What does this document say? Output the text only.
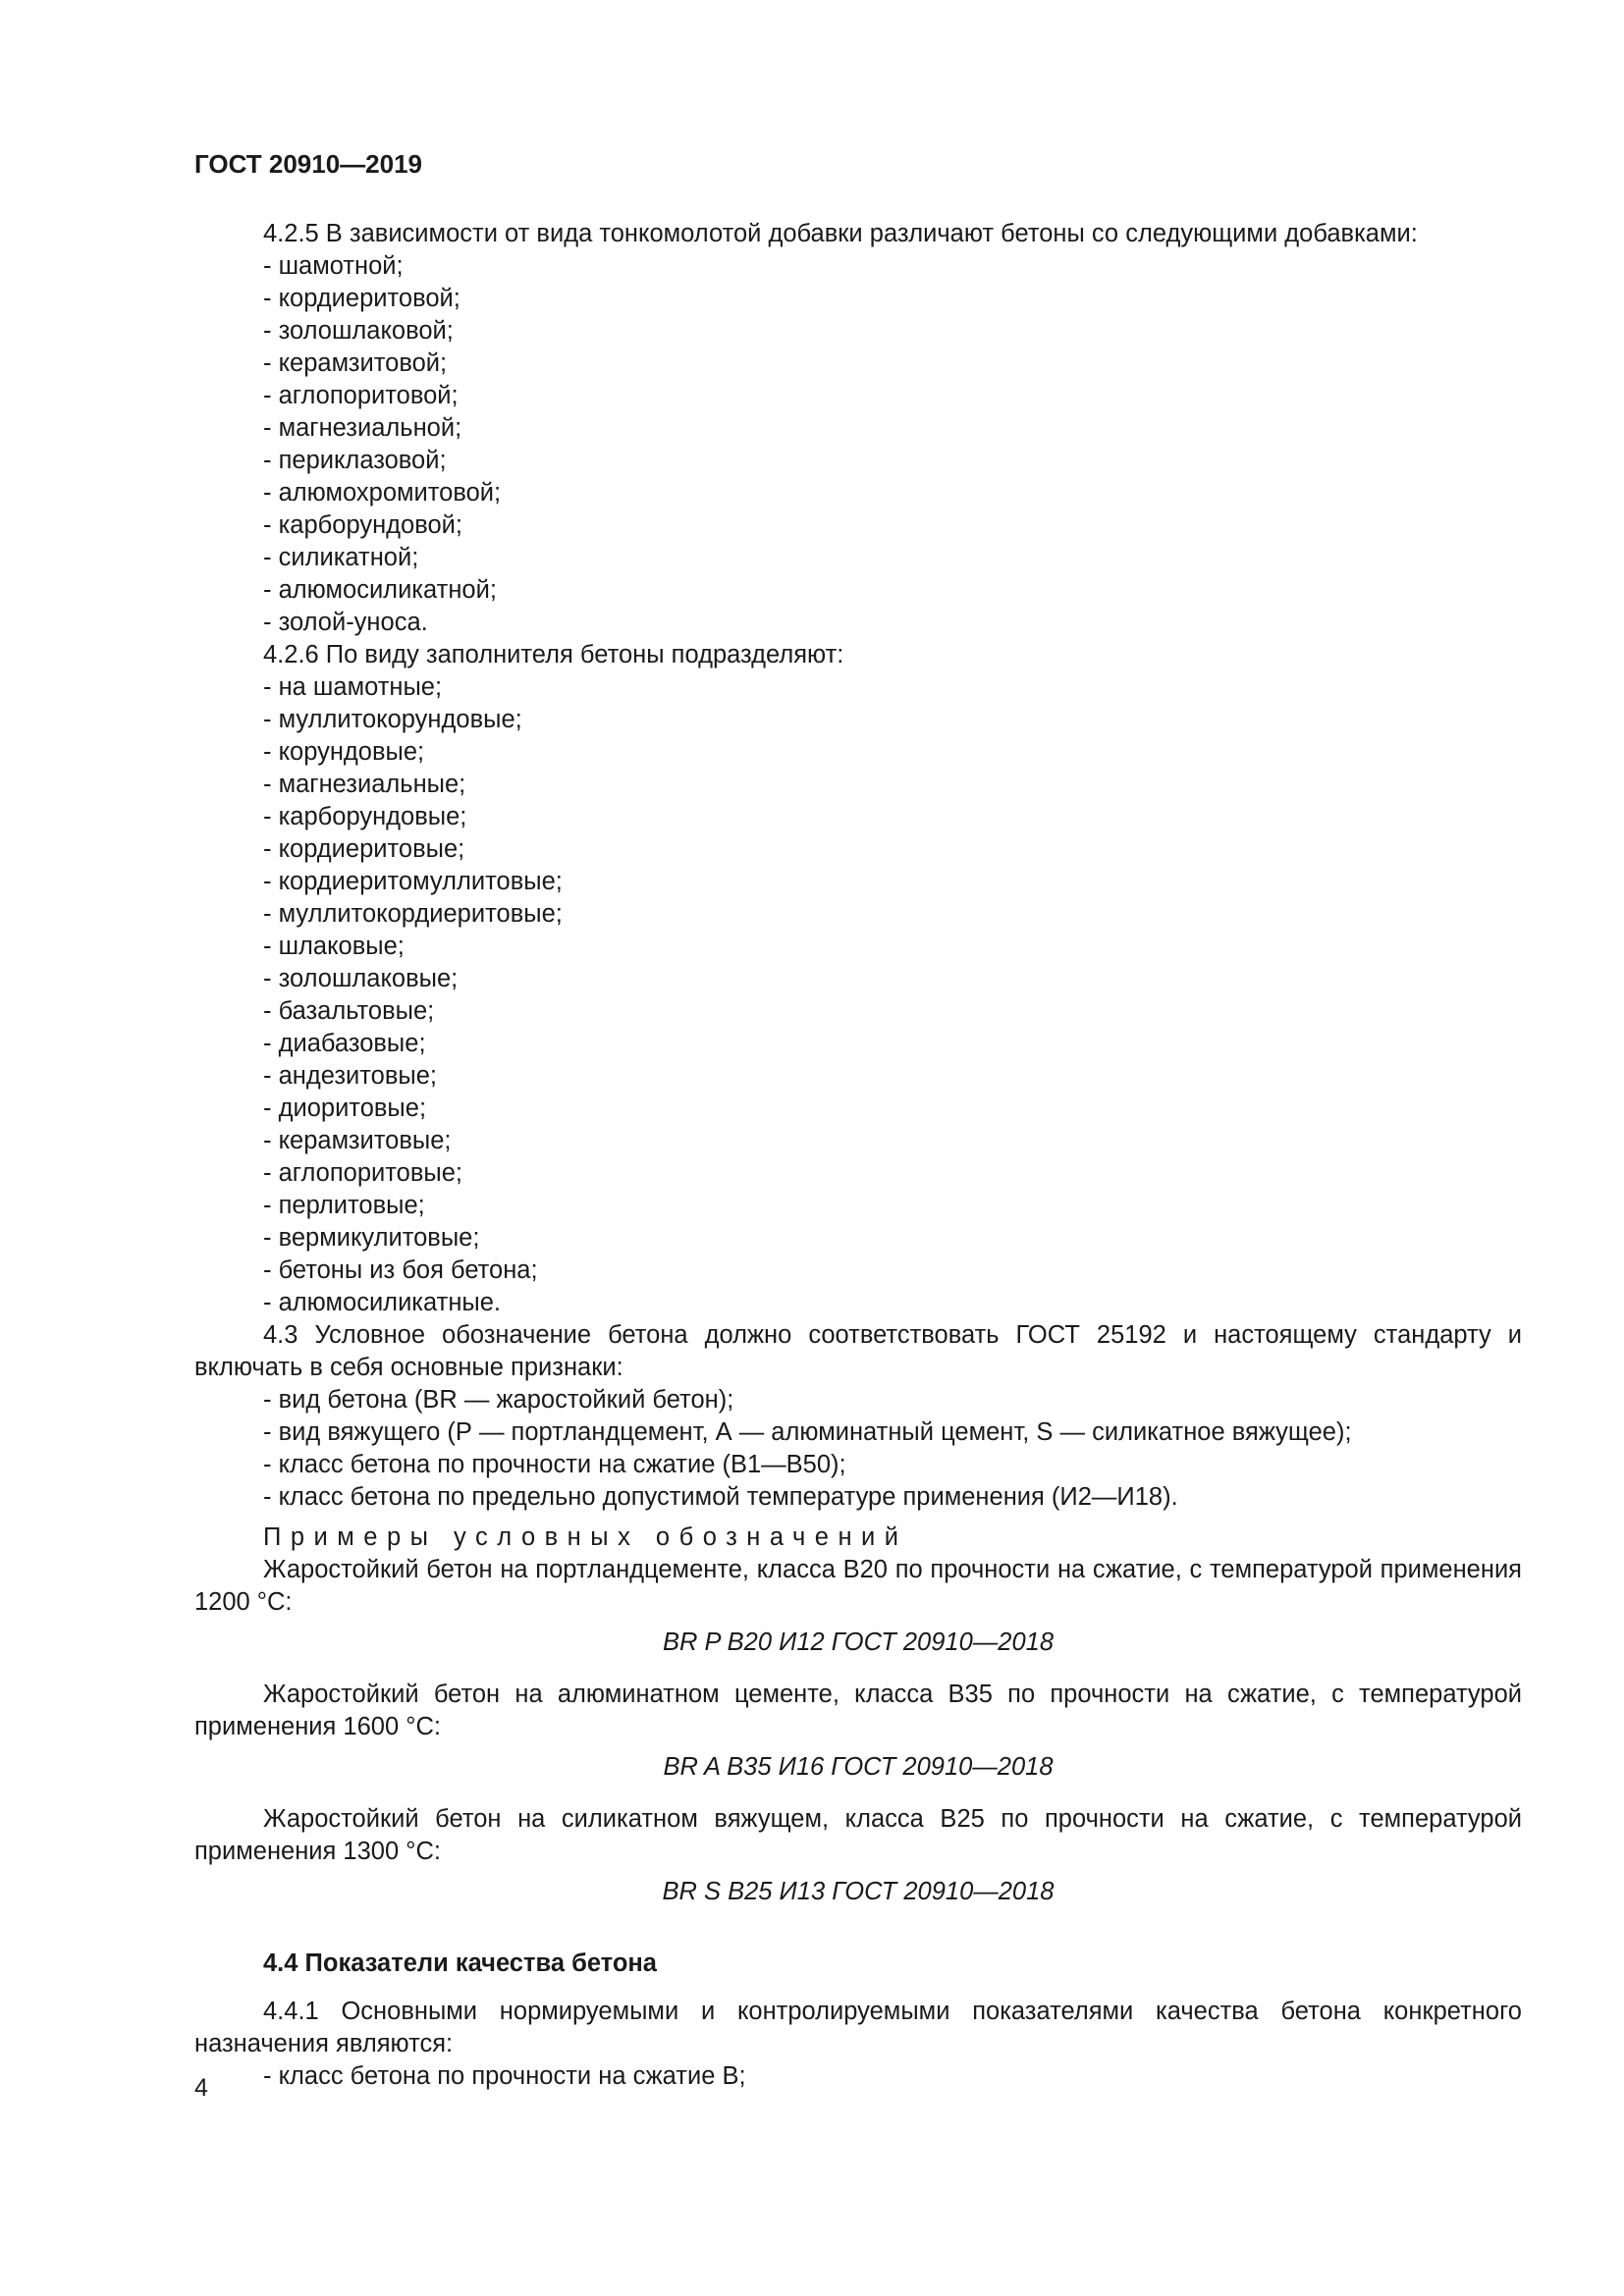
ГОСТ 20910—2019

4.2.5 В зависимости от вида тонкомолотой добавки различают бетоны со следующими добавками:

- шамотной;

- кордиеритовой;

- золошлаковой;

- керамзитовой;

- аглопоритовой;

- магнезиальной;

- периклазовой;

- алюмохромитовой;

- карборундовой;

- силикатной;

- алюмосиликатной;

- золой-уноса.

4.2.6 По виду заполнителя бетоны подразделяют:

- на шамотные;

- муллитокорундовые;

- корундовые;

- магнезиальные;

- карборундовые;

- кордиеритовые;

- кордиеритомуллитовые;

- муллитокордиеритовые;

- шлаковые;

- золошлаковые;

- базальтовые;

- диабазовые;

- андезитовые;

- диоритовые;

- керамзитовые;

- аглопоритовые;

- перлитовые;

- вермикулитовые;

- бетоны из боя бетона;

- алюмосиликатные.

4.3 Условное обозначение бетона должно соответствовать ГОСТ 25192 и настоящему стандарту и включать в себя основные признаки:

- вид бетона (BR — жаростойкий бетон);

- вид вяжущего (Р — портландцемент, А — алюминатный цемент, S — силикатное вяжущее);

- класс бетона по прочности на сжатие (В1—В50);

- класс бетона по предельно допустимой температуре применения (И2—И18).

Примеры условных обозначений

Жаростойкий бетон на портландцементе, класса В20 по прочности на сжатие, с температурой применения 1200 °С:

BR P B20 И12 ГОСТ 20910—2018

Жаростойкий бетон на алюминатном цементе, класса В35 по прочности на сжатие, с температурой применения 1600 °С:

BR A B35 И16 ГОСТ 20910—2018

Жаростойкий бетон на силикатном вяжущем, класса В25 по прочности на сжатие, с температурой применения 1300 °С:

BR S B25 И13 ГОСТ 20910—2018

4.4 Показатели качества бетона

4.4.1 Основными нормируемыми и контролируемыми показателями качества бетона конкретного назначения являются:

- класс бетона по прочности на сжатие В;

4
